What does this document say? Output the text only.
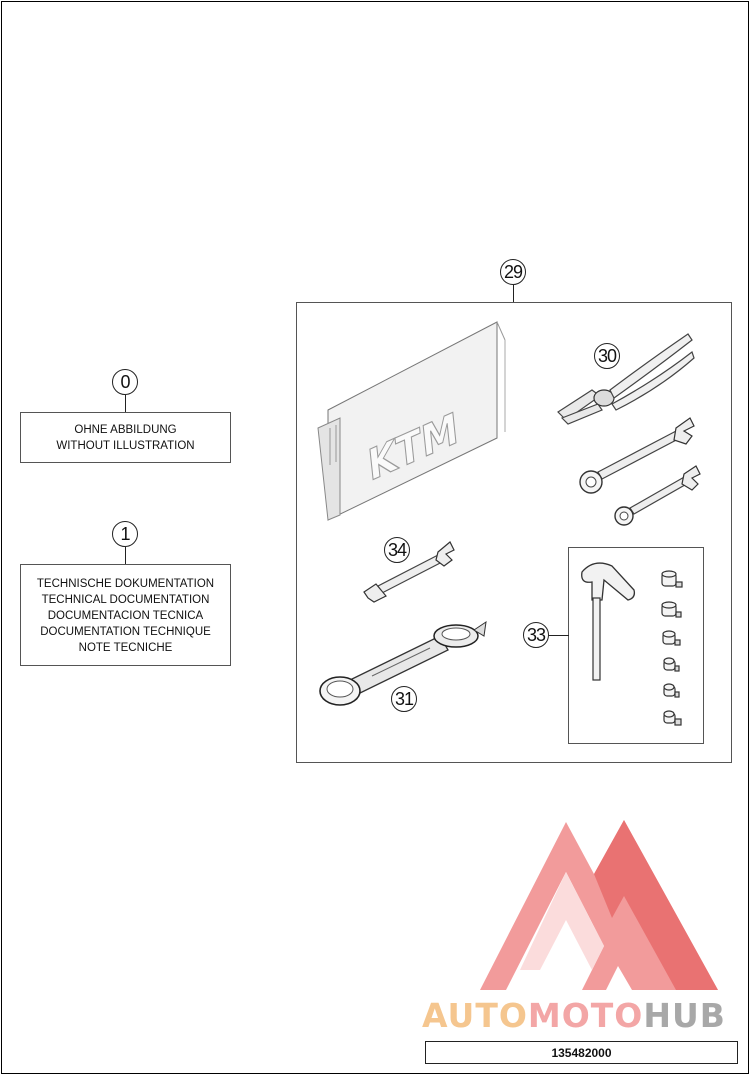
0
OHNE ABBILDUNG
WITHOUT ILLUSTRATION
1
TECHNISCHE DOKUMENTATION
TECHNICAL DOCUMENTATION
DOCUMENTACION TECNICA
DOCUMENTATION TECHNIQUE
NOTE TECNICHE
29
KTM
30
34
31
33
AUTOMOTOHUB
135482000
